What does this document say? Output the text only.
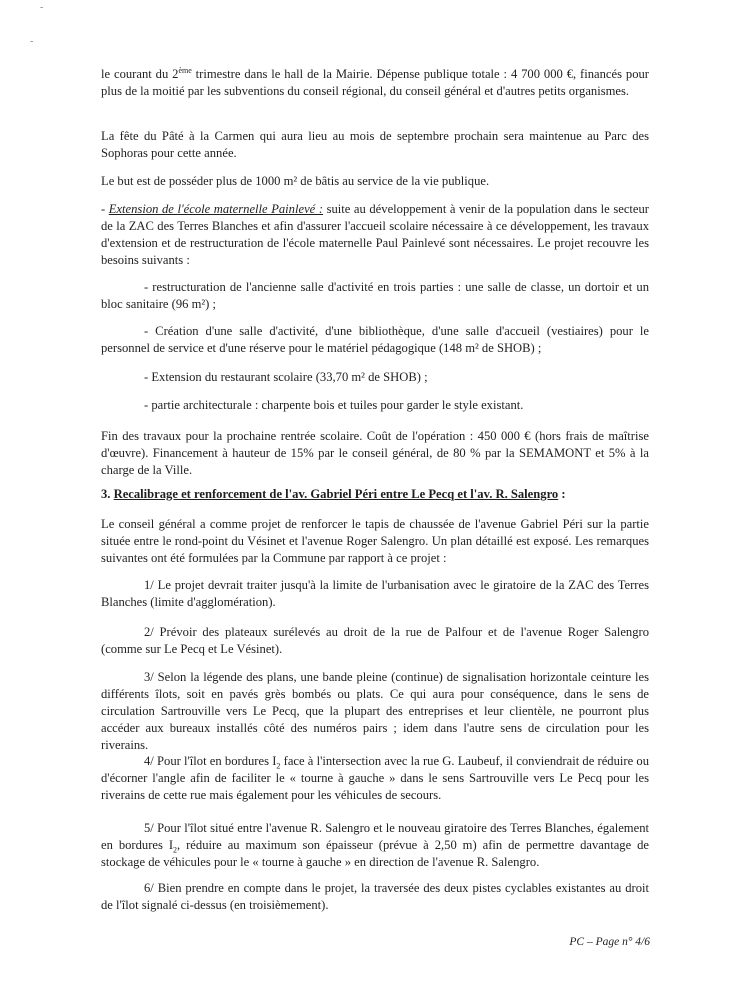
-
-

le courant du 2ème trimestre dans le hall de la Mairie. Dépense publique totale : 4 700 000 €, financés pour plus de la moitié par les subventions du conseil régional, du conseil général et d'autres petits organismes.

La fête du Pâté à la Carmen qui aura lieu au mois de septembre prochain sera maintenue au Parc des Sophoras pour cette année.

Le but est de posséder plus de 1000 m² de bâtis au service de la vie publique.

- Extension de l'école maternelle Painlevé : suite au développement à venir de la population dans le secteur de la ZAC des Terres Blanches et afin d'assurer l'accueil scolaire nécessaire à ce développement, les travaux d'extension et de restructuration de l'école maternelle Paul Painlevé sont nécessaires. Le projet recouvre les besoins suivants :

- restructuration de l'ancienne salle d'activité en trois parties : une salle de classe, un dortoir et un bloc sanitaire (96 m²) ;

- Création d'une salle d'activité, d'une bibliothèque, d'une salle d'accueil (vestiaires) pour le personnel de service et d'une réserve pour le matériel pédagogique (148 m² de SHOB) ;

- Extension du restaurant scolaire (33,70 m² de SHOB) ;

- partie architecturale : charpente bois et tuiles pour garder le style existant.

Fin des travaux pour la prochaine rentrée scolaire. Coût de l'opération : 450 000 € (hors frais de maîtrise d'œuvre). Financement à hauteur de 15% par le conseil général, de 80 % par la SEMAMONT et 5% à la charge de la Ville.

3. Recalibrage et renforcement de l'av. Gabriel Péri entre Le Pecq et l'av. R. Salengro :

Le conseil général a comme projet de renforcer le tapis de chaussée de l'avenue Gabriel Péri sur la partie située entre le rond-point du Vésinet et l'avenue Roger Salengro. Un plan détaillé est exposé. Les remarques suivantes ont été formulées par la Commune par rapport à ce projet :

1/ Le projet devrait traiter jusqu'à la limite de l'urbanisation avec le giratoire de la ZAC des Terres Blanches (limite d'agglomération).

2/ Prévoir des plateaux surélevés au droit de la rue de Palfour et de l'avenue Roger Salengro (comme sur Le Pecq et Le Vésinet).

3/ Selon la légende des plans, une bande pleine (continue) de signalisation horizontale ceinture les différents îlots, soit en pavés grès bombés ou plats. Ce qui aura pour conséquence, dans le sens de circulation Sartrouville vers Le Pecq, que la plupart des entreprises et leur clientèle, ne pourront plus accéder aux bureaux installés côté des numéros pairs ; idem dans l'autre sens de circulation pour les riverains.

4/ Pour l'îlot en bordures $I_2$ face à l'intersection avec la rue G. Laubeuf, il conviendrait de réduire ou d'écorner l'angle afin de faciliter le « tourne à gauche » dans le sens Sartrouville vers Le Pecq pour les riverains de cette rue mais également pour les véhicules de secours.

5/ Pour l'îlot situé entre l'avenue R. Salengro et le nouveau giratoire des Terres Blanches, également en bordures $I_2$, réduire au maximum son épaisseur (prévue à 2,50 m) afin de permettre davantage de stockage de véhicules pour le « tourne à gauche » en direction de l'avenue R. Salengro.

6/ Bien prendre en compte dans le projet, la traversée des deux pistes cyclables existantes au droit de l'îlot signalé ci-dessus (en troisièmement).

PC – Page n° 4/6
